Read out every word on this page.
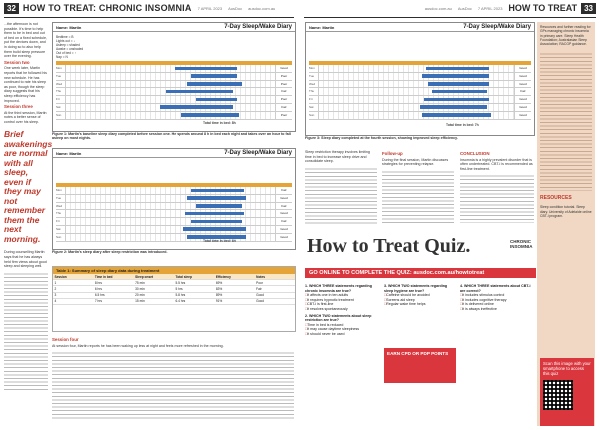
32 HOW TO TREAT: CHRONIC INSOMNIA 7 APRIL 2023 AusDoc ausdoc.com.au	ausdoc.com.au AusDoc 7 APRIL 2023 HOW TO TREAT 33

...the afternoon is not possible. It's time to help them to be in bed and out of bed on a fixed schedule, put the devices down, and in doing so to also help them build sleep pressure over the evening.

Session two

One week later, Martin reports that he followed his new schedule. He has continued to rate his sleep as poor, though the sleep diary suggests that his sleep efficiency has improved.

Session three

At the third session, Martin notes a better sense of control over his sleep.

Brief awakenings are normal with all sleep, even if they may not remember them the next morning.

During counselling Martin says that he has always held firm views about good sleep and sleeping well.

Name: Martin	7-Day Sleep/Wake Diary
Bedtime = B
Lights out = ↓
Asleep = shaded
Awake = unshaded
Out of bed = ↑
Nap = N
Mon	Good
Tue	Poor
Wed	Poor
Thu	Fair
Fri	Poor
Sat	Fair
Sun	Poor
Total time in bed: 8h
Figure 1: Martin's baseline sleep diary completed before session one. He spends around 8 h in bed each night and takes over an hour to fall asleep on most nights.
Name: Martin	7-Day Sleep/Wake Diary
Mon	Fair
Tue	Good
Wed	Fair
Thu	Good
Fri	Fair
Sat	Good
Sun	Good
Total time in bed: 6h
Figure 2: Martin's sleep diary after sleep restriction was introduced.
Table 1: Summary of sleep diary data during treatment
Session	Time in bed	Sleep onset	Total sleep	Efficiency	Notes
1	8 hrs	75 min	5.5 hrs	69%	Poor
2	6 hrs	30 min	5 hrs	83%	Fair
3	6.5 hrs	20 min	5.8 hrs	89%	Good
4	7 hrs	15 min	6.4 hrs	91%	Good
Session four

At session four, Martin reports he has been waking up less at night and feels more refreshed in the morning.

Name: Martin	7-Day Sleep/Wake Diary
Mon	Good
Tue	Good
Wed	Good
Thu	Fair
Fri	Good
Sat	Good
Sun	Good
Total time in bed: 7h
Figure 3: Sleep diary completed at the fourth session, showing improved sleep efficiency.

Sleep restriction therapy involves limiting time in bed to increase sleep drive and consolidate sleep.

Follow-up

During the final session, Martin discusses strategies for preventing relapse.

CONCLUSION

Insomnia is a highly prevalent disorder that is often undertreated. CBT-i is recommended as first-line treatment.

Resources and further reading for GPs managing chronic insomnia in primary care. Sleep Health Foundation; Australasian Sleep Association; RACGP guidance.
RESOURCES
Sleep condition tutorial. Sleep diary. University of Adelaide online CBT-i program.
How to Treat Quiz.	CHRONIC INSOMNIA
GO ONLINE TO COMPLETE THE QUIZ: ausdoc.com.au/howtotreat
1. WHICH THREE statements regarding chronic insomnia are true?
□ It affects one in ten adults
□ It requires hypnotic treatment
□ CBT-i is first-line
□ It resolves spontaneously
2. WHICH TWO statements about sleep restriction are true?
□ Time in bed is reduced
□ It may cause daytime sleepiness
□ It should never be used
3. WHICH TWO statements regarding sleep hygiene are true?
□ Caffeine should be avoided
□ Screens aid sleep
□ Regular wake time helps
EARN CPD OR PDP POINTS
4. WHICH THREE statements about CBT-i are correct?
□ It includes stimulus control
□ It includes cognitive therapy
□ It is delivered online
□ It is always ineffective
Scan this image with your smartphone to access this quiz
